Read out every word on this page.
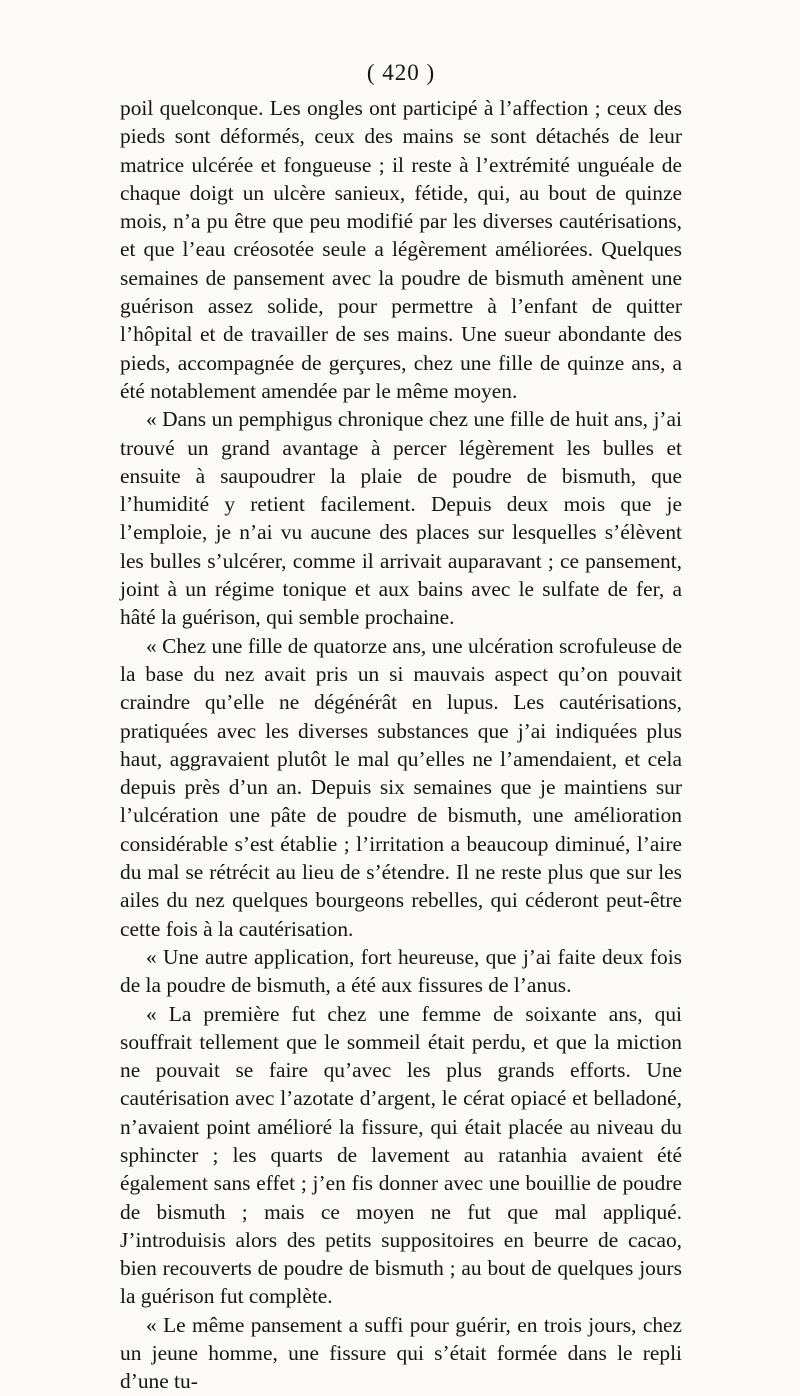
( 420 )

poil quelconque. Les ongles ont participé à l’affection ; ceux des pieds sont déformés, ceux des mains se sont détachés de leur matrice ulcérée et fongueuse ; il reste à l’extrémité unguéale de chaque doigt un ulcère sanieux, fétide, qui, au bout de quinze mois, n’a pu être que peu modifié par les diverses cautérisations, et que l’eau créosotée seule a légèrement améliorées. Quelques semaines de pansement avec la poudre de bismuth amènent une guérison assez solide, pour permettre à l’enfant de quitter l’hôpital et de travailler de ses mains. Une sueur abondante des pieds, accompagnée de gerçures, chez une fille de quinze ans, a été notablement amendée par le même moyen.

« Dans un pemphigus chronique chez une fille de huit ans, j’ai trouvé un grand avantage à percer légèrement les bulles et ensuite à saupoudrer la plaie de poudre de bismuth, que l’humidité y retient facilement. Depuis deux mois que je l’emploie, je n’ai vu aucune des places sur lesquelles s’élèvent les bulles s’ulcérer, comme il arrivait auparavant ; ce pansement, joint à un régime tonique et aux bains avec le sulfate de fer, a hâté la guérison, qui semble prochaine.

« Chez une fille de quatorze ans, une ulcération scrofuleuse de la base du nez avait pris un si mauvais aspect qu’on pouvait craindre qu’elle ne dégénérât en lupus. Les cautérisations, pratiquées avec les diverses substances que j’ai indiquées plus haut, aggravaient plutôt le mal qu’elles ne l’amendaient, et cela depuis près d’un an. Depuis six semaines que je maintiens sur l’ulcération une pâte de poudre de bismuth, une amélioration considérable s’est établie ; l’irritation a beaucoup diminué, l’aire du mal se rétrécit au lieu de s’étendre. Il ne reste plus que sur les ailes du nez quelques bourgeons rebelles, qui céderont peut-être cette fois à la cautérisation.

« Une autre application, fort heureuse, que j’ai faite deux fois de la poudre de bismuth, a été aux fissures de l’anus.

« La première fut chez une femme de soixante ans, qui souffrait tellement que le sommeil était perdu, et que la miction ne pouvait se faire qu’avec les plus grands efforts. Une cautérisation avec l’azotate d’argent, le cérat opiacé et belladoné, n’avaient point amélioré la fissure, qui était placée au niveau du sphincter ; les quarts de lavement au ratanhia avaient été également sans effet ; j’en fis donner avec une bouillie de poudre de bismuth ; mais ce moyen ne fut que mal appliqué. J’introduisis alors des petits suppositoires en beurre de cacao, bien recouverts de poudre de bismuth ; au bout de quelques jours la guérison fut complète.

« Le même pansement a suffi pour guérir, en trois jours, chez un jeune homme, une fissure qui s’était formée dans le repli d’une tu-
